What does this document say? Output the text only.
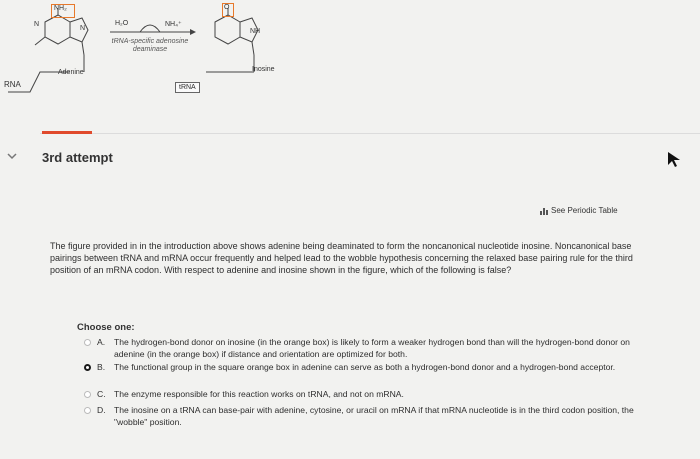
NH₂
N
N
Adenine
H₂O	NH₄⁺
tRNA-specific adenosine deaminase
O
NH
Inosine
RNA	tRNA
3rd attempt
See Periodic Table
The figure provided in in the introduction above shows adenine being deaminated to form the noncanonical nucleotide inosine. Noncanonical base pairings between tRNA and mRNA occur frequently and helped lead to the wobble hypothesis concerning the relaxed base pairing rule for the third position of an mRNA codon. With respect to adenine and inosine shown in the figure, which of the following is false?
Choose one:
A.	The hydrogen-bond donor on inosine (in the orange box) is likely to form a weaker hydrogen bond than will the hydrogen-bond donor on adenine (in the orange box) if distance and orientation are optimized for both.
B.	The functional group in the square orange box in adenine can serve as both a hydrogen-bond donor and a hydrogen-bond acceptor.
C. The enzyme responsible for this reaction works on tRNA, and not on mRNA.
D. The inosine on a tRNA can base-pair with adenine, cytosine, or uracil on mRNA if that mRNA nucleotide is in the third codon position, the "wobble" position.
